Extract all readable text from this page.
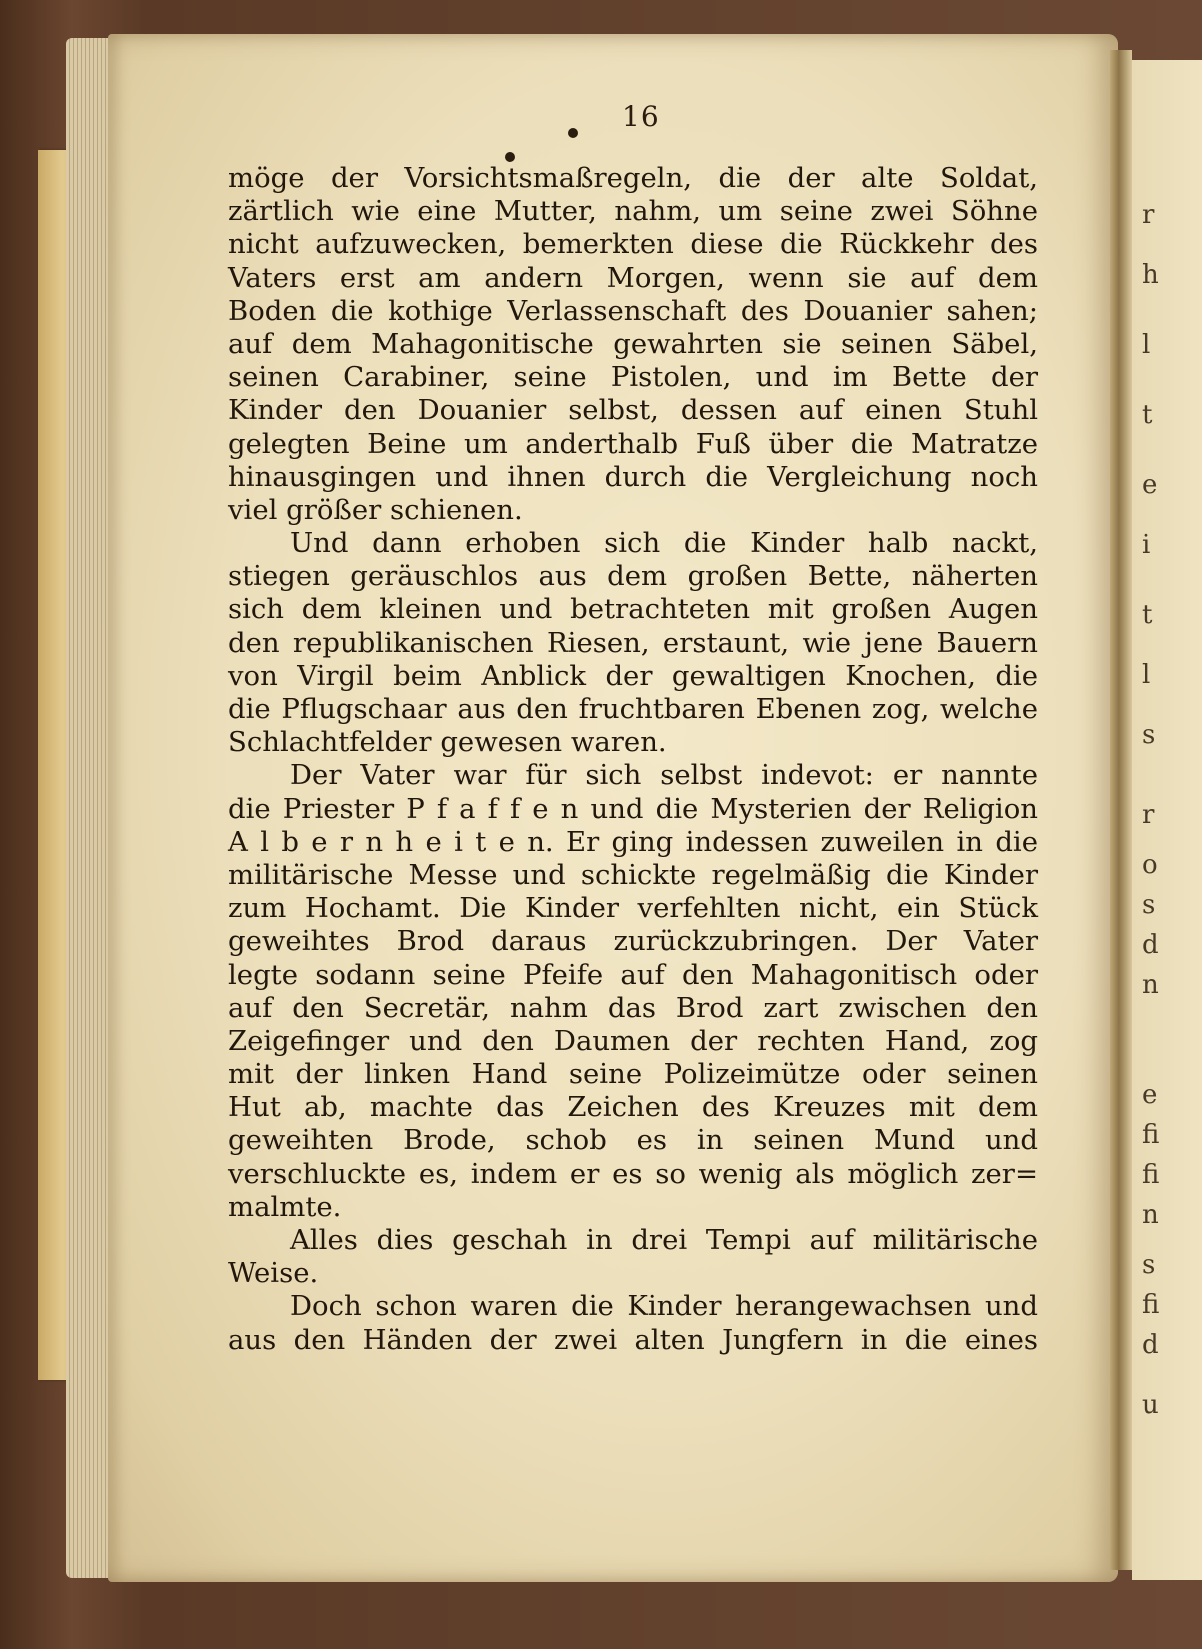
r
h
l
t
e
i
t
l
s
r
o
s
d
n
e
fi
fi
n
s
fi
d
u
16
möge der Vorsichtsmaßregeln, die der alte Soldat,
zärtlich wie eine Mutter, nahm, um seine zwei Söhne
nicht aufzuwecken, bemerkten diese die Rückkehr des
Vaters erst am andern Morgen, wenn sie auf dem
Boden die kothige Verlassenschaft des Douanier sahen;
auf dem Mahagonitische gewahrten sie seinen Säbel,
seinen Carabiner, seine Pistolen, und im Bette der
Kinder den Douanier selbst, dessen auf einen Stuhl
gelegten Beine um anderthalb Fuß über die Matratze
hinausgingen und ihnen durch die Vergleichung noch
viel größer schienen.
Und dann erhoben sich die Kinder halb nackt,
stiegen geräuschlos aus dem großen Bette, näherten
sich dem kleinen und betrachteten mit großen Augen
den republikanischen Riesen, erstaunt, wie jene Bauern
von Virgil beim Anblick der gewaltigen Knochen, die
die Pflugschaar aus den fruchtbaren Ebenen zog, welche
Schlachtfelder gewesen waren.
Der Vater war für sich selbst indevot: er nannte
die Priester P f a f f e n und die Mysterien der Religion
A l b e r n h e i t e n. Er ging indessen zuweilen in die
militärische Messe und schickte regelmäßig die Kinder
zum Hochamt. Die Kinder verfehlten nicht, ein Stück
geweihtes Brod daraus zurückzubringen. Der Vater
legte sodann seine Pfeife auf den Mahagonitisch oder
auf den Secretär, nahm das Brod zart zwischen den
Zeigefinger und den Daumen der rechten Hand, zog
mit der linken Hand seine Polizeimütze oder seinen
Hut ab, machte das Zeichen des Kreuzes mit dem
geweihten Brode, schob es in seinen Mund und
verschluckte es, indem er es so wenig als möglich zer=
malmte.
Alles dies geschah in drei Tempi auf militärische
Weise.
Doch schon waren die Kinder herangewachsen und
aus den Händen der zwei alten Jungfern in die eines
